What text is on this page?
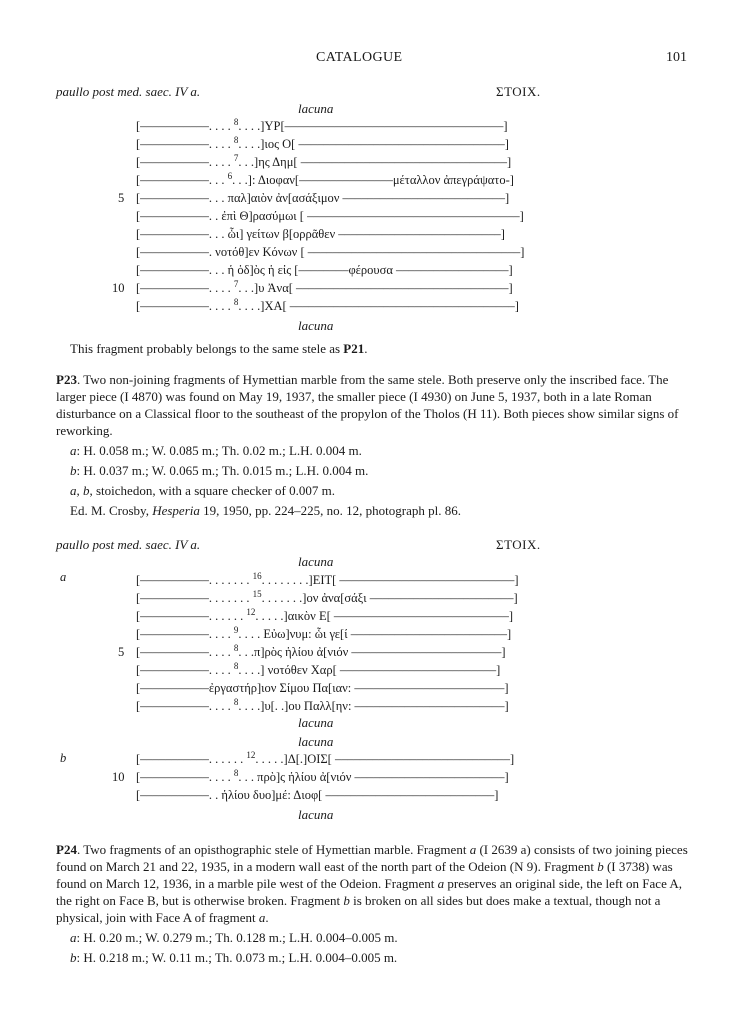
CATALOGUE	101
paullo post med. saec. IV a.	ΣΤΟΙΧ.
lacuna
[–––––––––––. . . . $^8$. . . .]ΥΡ[–––––––––––––––––––––––––––––––––––]
[–––––––––––. . . . $^8$. . . .]ιος Ο[ –––––––––––––––––––––––––––––––––]
[–––––––––––. . . . $^7$. . .]ης Δημ[ –––––––––––––––––––––––––––––––––]
[–––––––––––. . . $^6$. . .]: Διοφαν[–––––––––––––––μέταλλον ἀπεγράψατο-]
[–––––––––––. . . παλ]αιὸν ἀν[ασάξιμον ––––––––––––––––––––––––––]
[–––––––––––. . ἐπὶ Θ]ρασύμωι [ ––––––––––––––––––––––––––––––––––]
[–––––––––––. . . ὧι] γείτων β[ορρᾶθεν ––––––––––––––––––––––––––]
[–––––––––––. νοτόθ]εν Κόνων [ ––––––––––––––––––––––––––––––––––]
[–––––––––––. . . ἡ ὁδ]ὸς ἡ εἰς [––––––––φέρουσα ––––––––––––––––––]
[–––––––––––. . . . $^7$. . .]υ Ἀνα[ ––––––––––––––––––––––––––––––––––]
[–––––––––––. . . . $^8$. . . .]ΧΑ[ ––––––––––––––––––––––––––––––––––––]
5
10
lacuna
This fragment probably belongs to the same stele as P21.
P23. Two non-joining fragments of Hymettian marble from the same stele. Both preserve only the inscribed face. The larger piece (I 4870) was found on May 19, 1937, the smaller piece (I 4930) on June 5, 1937, both in a late Roman disturbance on a Classical floor to the southeast of the propylon of the Tholos (H 11). Both pieces show similar signs of reworking.
a: H. 0.058 m.; W. 0.085 m.; Th. 0.02 m.; L.H. 0.004 m.
b: H. 0.037 m.; W. 0.065 m.; Th. 0.015 m.; L.H. 0.004 m.
a, b, stoichedon, with a square checker of 0.007 m.
Ed. M. Crosby, Hesperia 19, 1950, pp. 224–225, no. 12, photograph pl. 86.
paullo post med. saec. IV a.	ΣΤΟΙΧ.
lacuna
a	[–––––––––––. . . . . . . $^{16}$. . . . . . . .]ΕΙΤ[ ––––––––––––––––––––––––––––]
[–––––––––––. . . . . . . $^{15}$. . . . . . .]ον ἀνα[σάξι –––––––––––––––––––––––]
[–––––––––––. . . . . . $^{12}$. . . . .]αικὸν Ε[ ––––––––––––––––––––––––––––]
[–––––––––––. . . . $^9$. . . . Εὐω]νυμ: ὧι γε[ί –––––––––––––––––––––––––]
[–––––––––––. . . . $^8$. . .π]ρὸς ἡλίου ἀ[νιόν ––––––––––––––––––––––––]
[–––––––––––. . . . $^8$. . . .] νοτόθεν Χαρ[ –––––––––––––––––––––––––]
[–––––––––––ἐργαστήρ]ιον Σίμου Πα[ιαν: ––––––––––––––––––––––––]
[–––––––––––. . . . $^8$. . . .]υ[. .]ου Παλλ[ην: ––––––––––––––––––––––––]
5
lacuna
lacuna
b	[–––––––––––. . . . . . $^{12}$. . . . .]Δ[.]ΟΙΣ[ ––––––––––––––––––––––––––––]
[–––––––––––. . . . $^8$. . . πρὸ]ς ἡλίου ἀ[νιόν ––––––––––––––––––––––––]
[–––––––––––. . ἡλίου δυο]μέ: Διοφ[ –––––––––––––––––––––––––––]
10
lacuna
P24. Two fragments of an opisthographic stele of Hymettian marble. Fragment a (I 2639 a) consists of two joining pieces found on March 21 and 22, 1935, in a modern wall east of the north part of the Odeion (N 9). Fragment b (I 3738) was found on March 12, 1936, in a marble pile west of the Odeion. Fragment a preserves an original side, the left on Face A, the right on Face B, but is otherwise broken. Fragment b is broken on all sides but does make a textual, though not a physical, join with Face A of fragment a.
a: H. 0.20 m.; W. 0.279 m.; Th. 0.128 m.; L.H. 0.004–0.005 m.
b: H. 0.218 m.; W. 0.11 m.; Th. 0.073 m.; L.H. 0.004–0.005 m.
